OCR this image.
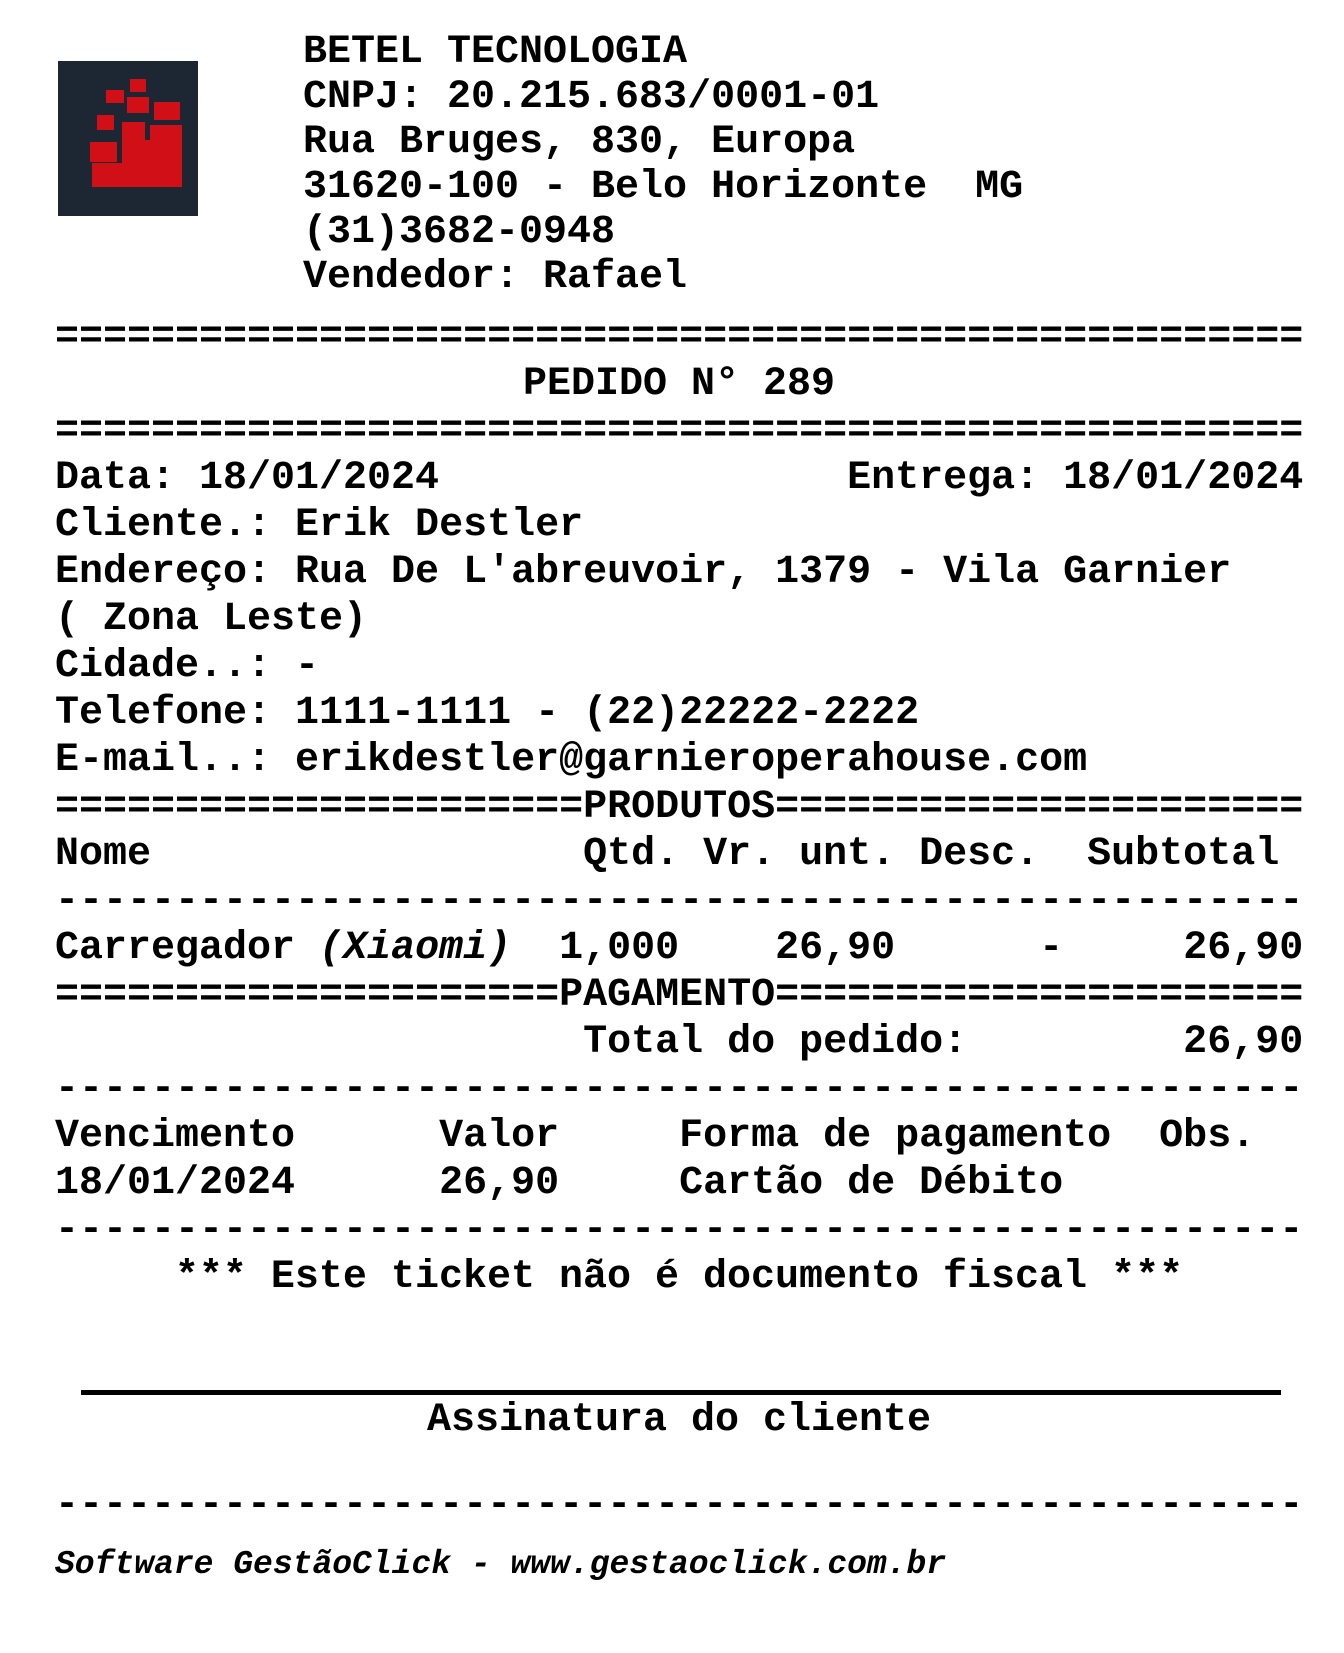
BETEL TECNOLOGIA
CNPJ: 20.215.683/0001-01
Rua Bruges, 830, Europa
31620-100 - Belo Horizonte  MG
(31)3682-0948
Vendedor: Rafael
====================================================
PEDIDO N° 289
====================================================
Data: 18/01/2024                 Entrega: 18/01/2024
Cliente.: Erik Destler
Endereço: Rua De L'abreuvoir, 1379 - Vila Garnier
( Zona Leste)
Cidade..: -
Telefone: 1111-1111 - (22)22222-2222
E-mail..: erikdestler@garnieroperahouse.com
======================PRODUTOS======================
Nome                  Qtd. Vr. unt. Desc.  Subtotal
----------------------------------------------------
Carregador (Xiaomi)  1,000    26,90      -     26,90
=====================PAGAMENTO======================
Total do pedido:         26,90
----------------------------------------------------
Vencimento      Valor     Forma de pagamento  Obs.
18/01/2024      26,90     Cartão de Débito
----------------------------------------------------
*** Este ticket não é documento fiscal ***
Assinatura do cliente
----------------------------------------------------
Software GestãoClick - www.gestaoclick.com.br
